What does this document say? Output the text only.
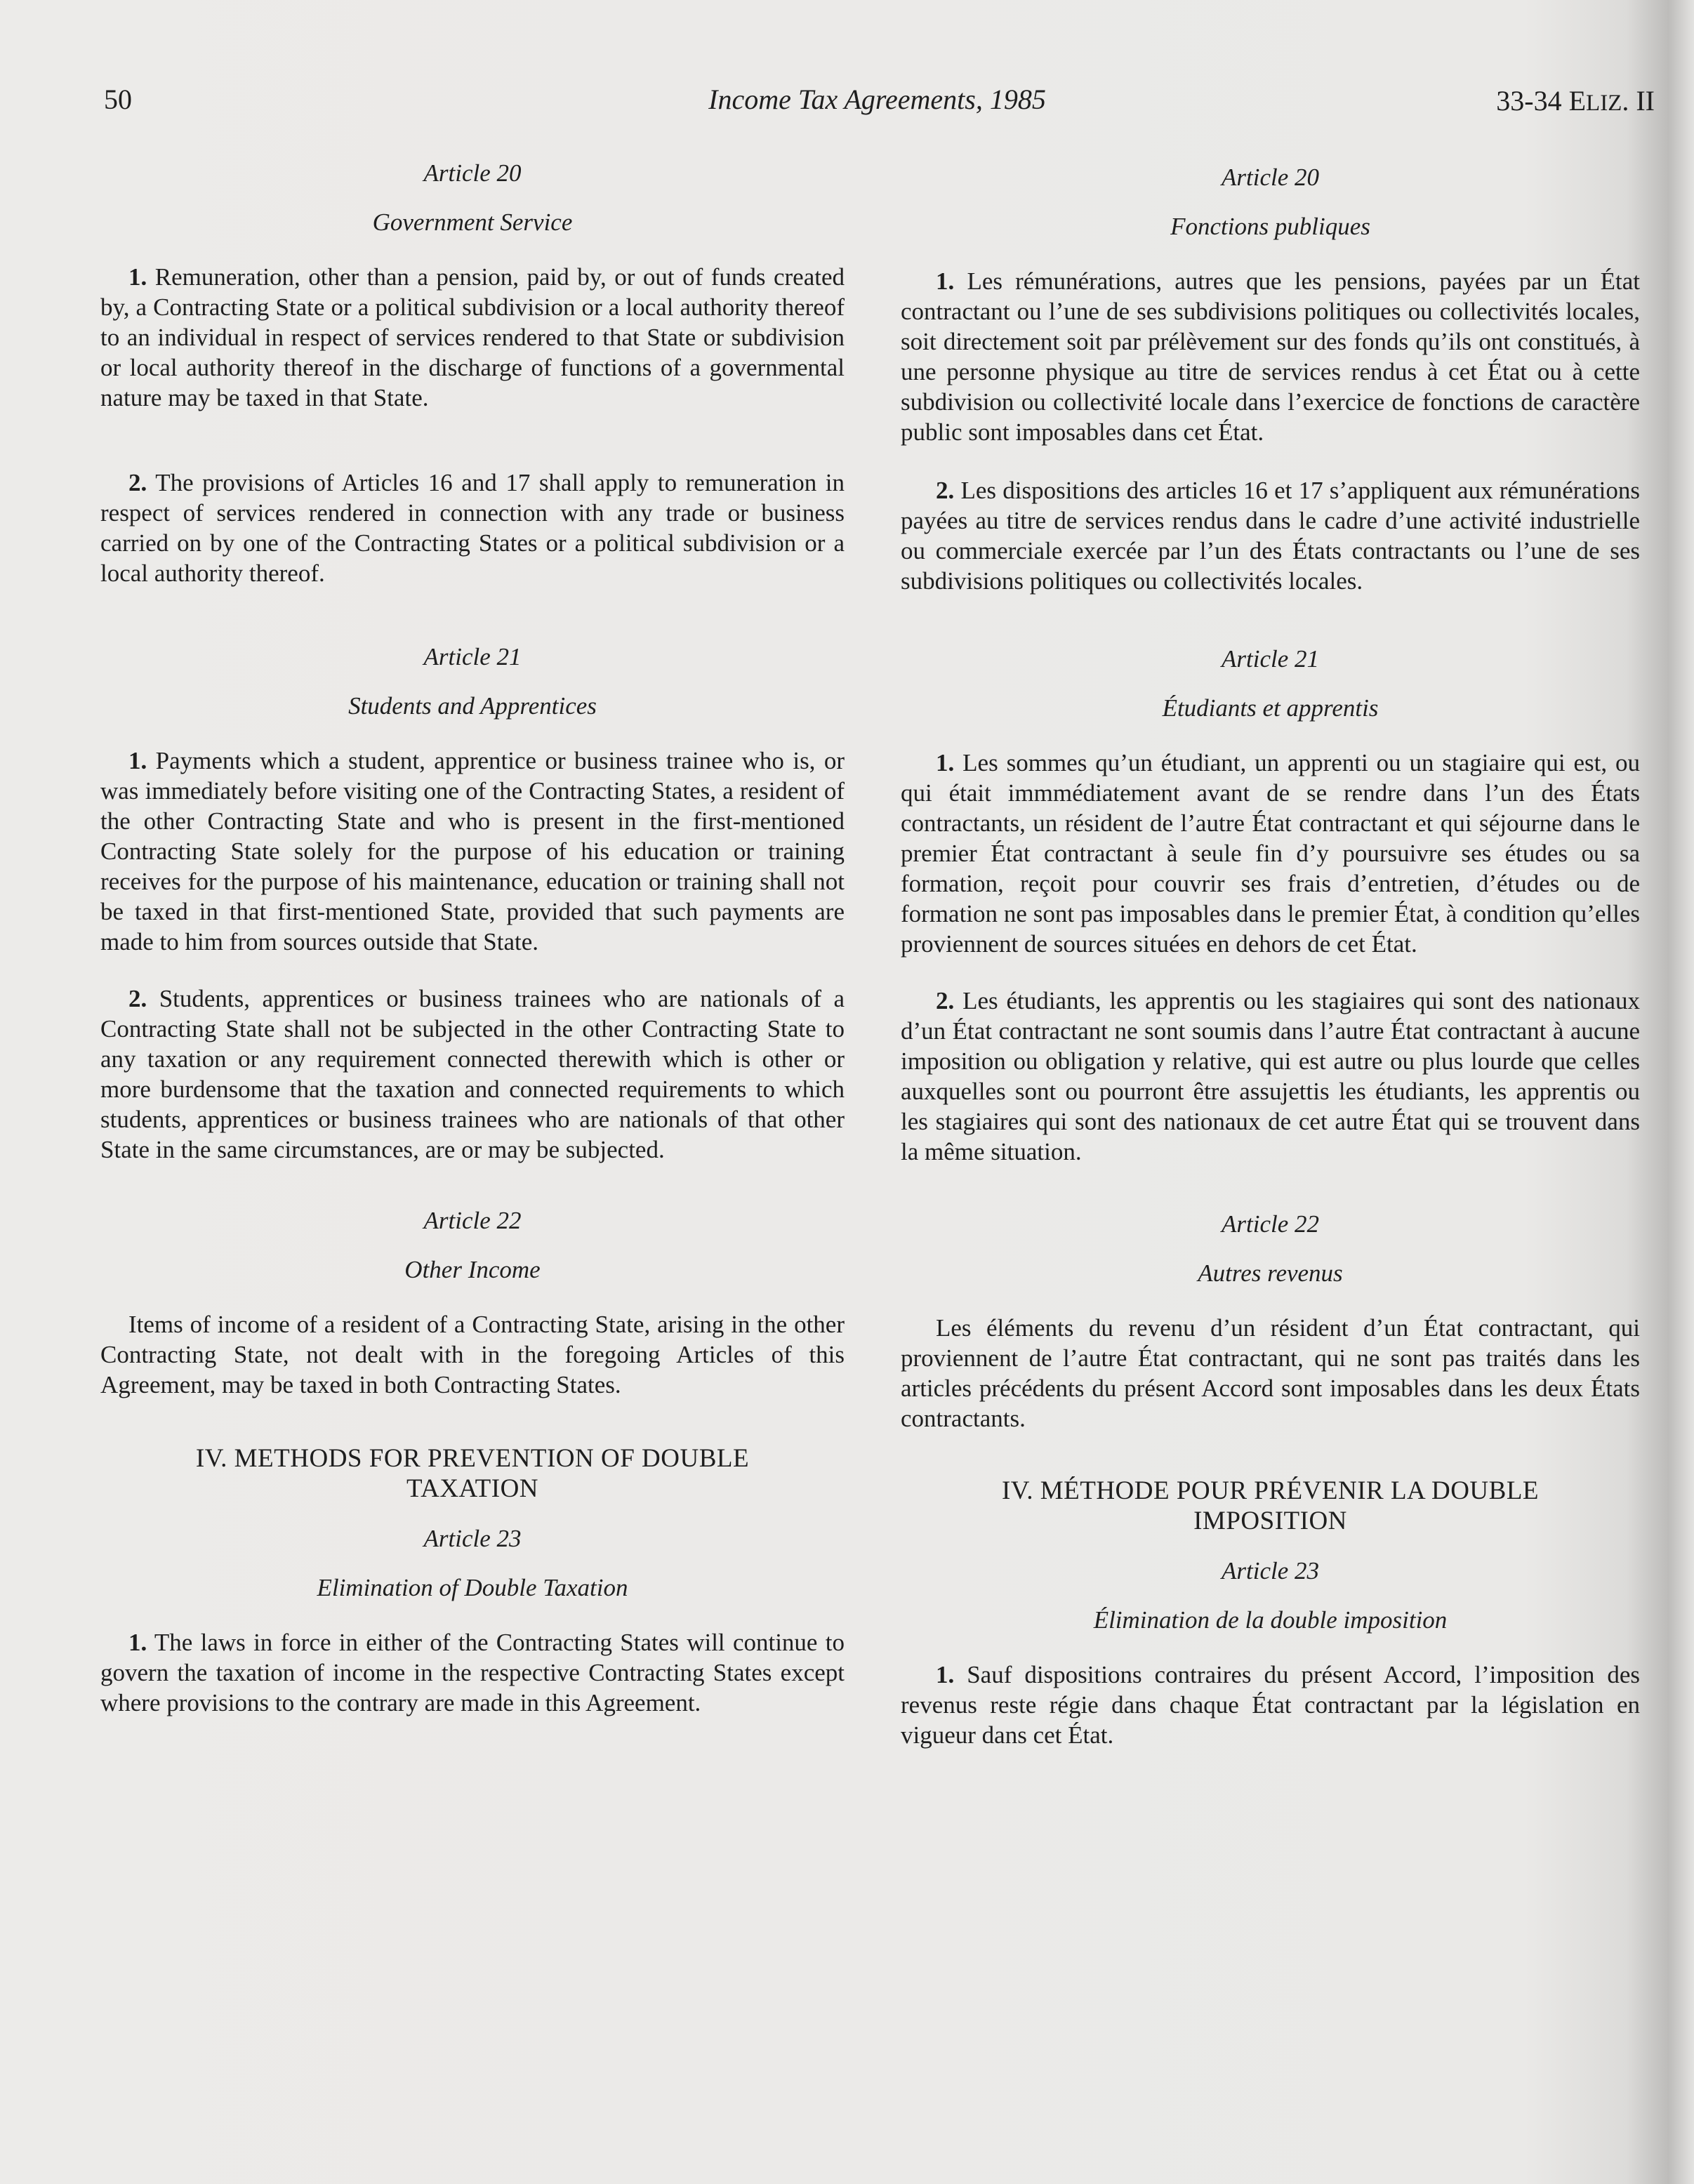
50	Income Tax Agreements, 1985	33-34 ELIZ. II
Article 20
Government Service

1. Remuneration, other than a pension, paid by, or out of funds created by, a Contracting State or a political subdivision or a local authority thereof to an individual in respect of services rendered to that State or subdivision or local authority thereof in the discharge of functions of a governmental nature may be taxed in that State.

2. The provisions of Articles 16 and 17 shall apply to remuneration in respect of services rendered in connection with any trade or business carried on by one of the Contracting States or a political subdivision or a local authority thereof.

Article 21
Students and Apprentices

1. Payments which a student, apprentice or business trainee who is, or was immediately before visiting one of the Contracting States, a resident of the other Contracting State and who is present in the first-mentioned Contracting State solely for the purpose of his education or training receives for the purpose of his maintenance, education or training shall not be taxed in that first-mentioned State, provided that such payments are made to him from sources outside that State.

2. Students, apprentices or business trainees who are nationals of a Contracting State shall not be subjected in the other Contracting State to any taxation or any requirement connected therewith which is other or more burdensome that the taxation and connected requirements to which students, apprentices or business trainees who are nationals of that other State in the same circumstances, are or may be subjected.

Article 22
Other Income

Items of income of a resident of a Contracting State, arising in the other Contracting State, not dealt with in the foregoing Articles of this Agreement, may be taxed in both Contracting States.

IV. METHODS FOR PREVENTION OF DOUBLE
TAXATION
Article 23
Elimination of Double Taxation

1. The laws in force in either of the Contracting States will continue to govern the taxation of income in the respective Contracting States except where provisions to the contrary are made in this Agreement.

Article 20
Fonctions publiques

1. Les rémunérations, autres que les pensions, payées par un État contractant ou l’une de ses subdivisions politiques ou collectivités locales, soit directement soit par prélèvement sur des fonds qu’ils ont constitués, à une personne physique au titre de services rendus à cet État ou à cette subdivision ou collectivité locale dans l’exercice de fonctions de caractère public sont imposables dans cet État.

2. Les dispositions des articles 16 et 17 s’appliquent aux rémunérations payées au titre de services rendus dans le cadre d’une activité industrielle ou commerciale exercée par l’un des États contractants ou l’une de ses subdivisions politiques ou collectivités locales.

Article 21
Étudiants et apprentis

1. Les sommes qu’un étudiant, un apprenti ou un stagiaire qui est, ou qui était immmédiatement avant de se rendre dans l’un des États contractants, un résident de l’autre État contractant et qui séjourne dans le premier État contractant à seule fin d’y poursuivre ses études ou sa formation, reçoit pour couvrir ses frais d’entretien, d’études ou de formation ne sont pas imposables dans le premier État, à condition qu’elles proviennent de sources situées en dehors de cet État.

2. Les étudiants, les apprentis ou les stagiaires qui sont des nationaux d’un État contractant ne sont soumis dans l’autre État contractant à aucune imposition ou obligation y relative, qui est autre ou plus lourde que celles auxquelles sont ou pourront être assujettis les étudiants, les apprentis ou les stagiaires qui sont des nationaux de cet autre État qui se trouvent dans la même situation.

Article 22
Autres revenus

Les éléments du revenu d’un résident d’un État contractant, qui proviennent de l’autre État contractant, qui ne sont pas traités dans les articles précédents du présent Accord sont imposables dans les deux États contractants.

IV. MÉTHODE POUR PRÉVENIR LA DOUBLE
IMPOSITION
Article 23
Élimination de la double imposition

1. Sauf dispositions contraires du présent Accord, l’imposition des revenus reste régie dans chaque État contractant par la législation en vigueur dans cet État.
